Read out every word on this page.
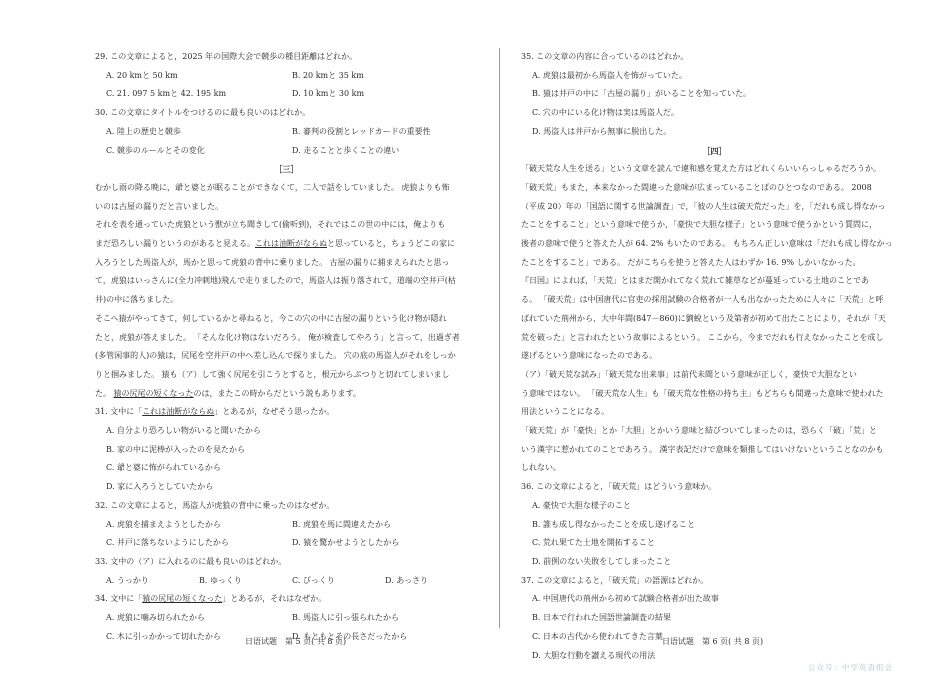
29. この文章によると，2025 年の国際大会で競歩の種目距離はどれか。
A. 20 kmと 50 km	B. 20 kmと 35 km
C. 21. 097 5 kmと 42. 195 km	D. 10 kmと 30 km
30. この文章にタイトルをつけるのに最も良いのはどれか。
A. 陸上の歴史と競歩	B. 審判の役割とレッドカードの重要性
C. 競歩のルールとその変化	D. 走ることと歩くことの違い
［三］
むかし雨の降る晩に，爺と婆とが眠ることができなくて，二人で話をしていました。 虎狼よりも怖
いのは古屋の漏りだと言いました。
それを表を通っていた虎狼という獣が立ち聞きして(偷听到)，それではこの世の中には，俺よりも
まだ恐ろしい漏りというのがあると見える。これは油断がならぬと思っていると，ちょうどこの家に
入ろうとした馬盗人が，馬かと思って虎狼の背中に乗りました。 古屋の漏りに捕まえられたと思っ
て，虎狼はいっさんに(全力冲刺地)飛んで走りましたので，馬盗人は振り落されて，道端の空井戸(枯
井)の中に落ちました。
そこへ猿がやってきて，何しているかと尋ねると，今この穴の中に古屋の漏りという化け物が隠れ
たと，虎狼が答えました。 「そんな化け物はないだろう。 俺が検査してやろう」と言って，出過ぎ者
(多管闲事的人)の猿は，尻尾を空井戸の中へ差し込んで探りました。 穴の底の馬盗人がそれをしっか
りと掴みました。 猿も（ア）して強く尻尾を引こうとすると，根元からぷつりと切れてしまいまし
た。 猿の尻尾の短くなったのは，またこの時からだという説もあります。
31. 文中に「これは油断がならぬ」とあるが，なぜそう思ったか。
A. 自分より恐ろしい物がいると聞いたから
B. 家の中に泥棒が入ったのを見たから
C. 爺と婆に怖がられているから
D. 家に入ろうとしていたから
32. この文章によると，馬盗人が虎狼の背中に乗ったのはなぜか。
A. 虎狼を捕まえようとしたから	B. 虎狼を馬に間違えたから
C. 井戸に落ちないようにしたから	D. 猿を驚かせようとしたから
33. 文中の（ア）に入れるのに最も良いのはどれか。
A. うっかり	B. ゆっくり	C. びっくり	D. あっさり
34. 文中に「猿の尻尾の短くなった」とあるが，それはなぜか。
A. 虎狼に噛み切られたから	B. 馬盗人に引っ張られたから
C. 木に引っかかって切れたから	D. もともとその長さだったから
日语试题　第 5 页( 共 8 页)
35. この文章の内容に合っているのはどれか。
A. 虎狼は最初から馬盗人を怖がっていた。
B. 猿は井戸の中に「古屋の漏り」がいることを知っていた。
C. 穴の中にいる化け物は実は馬盗人だ。
D. 馬盗人は井戸から無事に脱出した。
［四］
「破天荒な人生を送る」という文章を読んで違和感を覚えた方はどれくらいいらっしゃるだろうか。
「破天荒」もまた，本来なかった間違った意味が広まっていることばのひとつなのである。 2008
（平成 20）年の「国語に関する世論調査」で，「彼の人生は破天荒だった」を，「だれも成し得なかっ
たことをすること」という意味で使うか，「豪快で大胆な様子」という意味で使うかという質問に，
後者の意味で使うと答えた人が 64. 2% もいたのである。 もちろん正しい意味は「だれも成し得なかっ
たことをすること」である。 だがこちらを使うと答えた人はわずか 16. 9% しかいなかった。
『日国』によれば，「天荒」とはまだ開かれてなく荒れて雑草などが蔓延っている土地のことであ
る。 「破天荒」は中国唐代に官吏の採用試験の合格者が一人も出なかったために人々に「天荒」と呼
ばれていた荊州から，大中年間(847－860)に劉蛻という及第者が初めて出たことにより，それが「天
荒を破った」と言われたという故事によるという。 ここから，今までだれも行えなかったことを成し
遂げるという意味になったのである。
（ア）「破天荒な試み」「破天荒な出来事」は前代未聞という意味が正しく，豪快で大胆なとい
う意味ではない。 「破天荒な人生」も「破天荒な性格の持ち主」もどちらも間違った意味で使われた
用法ということになる。
「破天荒」が「豪快」とか「大胆」とかいう意味と結びついてしまったのは，恐らく「破」「荒」と
いう漢字に惹かれてのことであろう。 漢字表記だけで意味を類推してはいけないということなのかも
しれない。
36. この文章によると，「破天荒」はどういう意味か。
A. 豪快で大胆な様子のこと
B. 誰も成し得なかったことを成し遂げること
C. 荒れ果てた土地を開拓すること
D. 前例のない失敗をしてしまったこと
37. この文章によると，「破天荒」の語源はどれか。
A. 中国唐代の荊州から初めて試験合格者が出た故事
B. 日本で行われた国語世論調査の結果
C. 日本の古代から使われてきた言葉
D. 大胆な行動を讃える現代の用法
日语试题　第 6 页( 共 8 页)
公众号：中学英语组会
